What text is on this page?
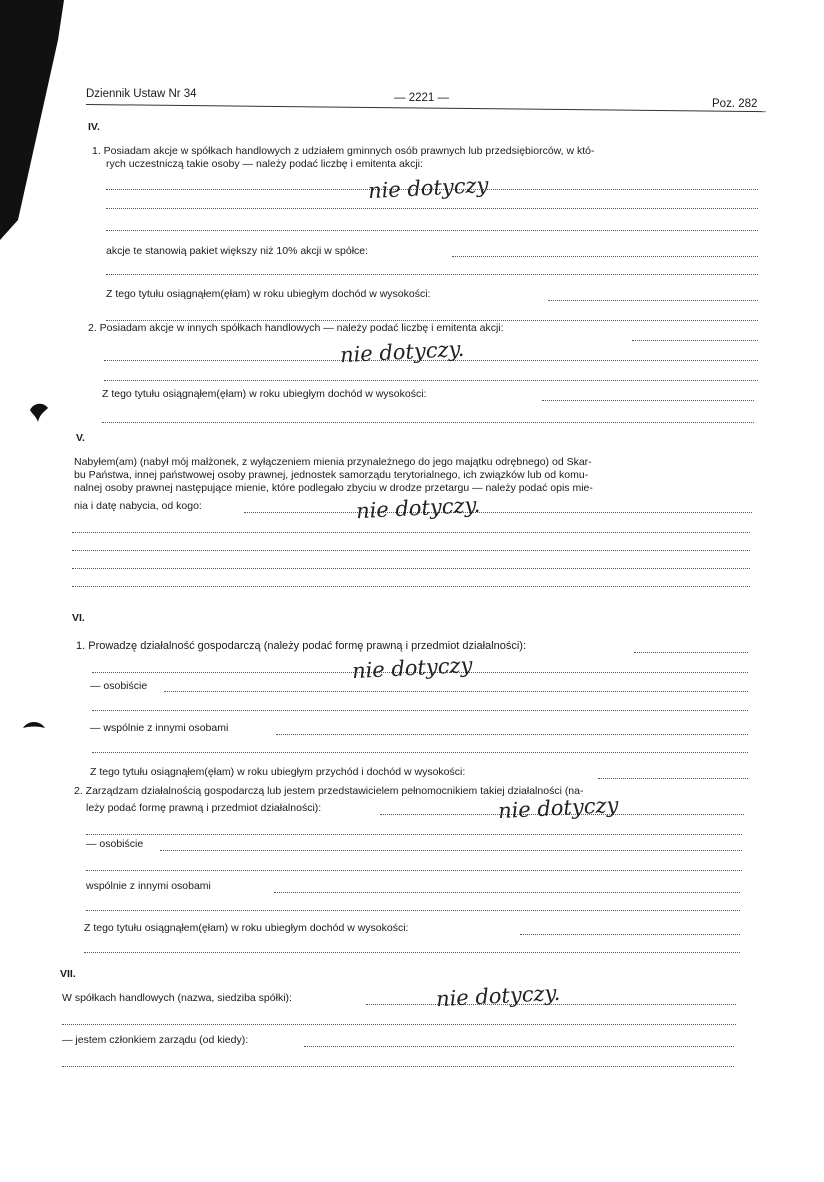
Dziennik Ustaw Nr 34	— 2221 —	Poz. 282
IV.
1. Posiadam akcje w spółkach handlowych z udziałem gminnych osób prawnych lub przedsiębiorców, w któ-
rych uczestniczą takie osoby — należy podać liczbę i emitenta akcji:
nie dotyczy
akcje te stanowią pakiet większy niż 10% akcji w spółce:
Z tego tytułu osiągnąłem(ęłam) w roku ubiegłym dochód w wysokości:
2. Posiadam akcje w innych spółkach handlowych — należy podać liczbę i emitenta akcji:
nie dotyczy.
Z tego tytułu osiągnąłem(ęłam) w roku ubiegłym dochód w wysokości:
V.
Nabyłem(am) (nabył mój małżonek, z wyłączeniem mienia przynależnego do jego majątku odrębnego) od Skar-
bu Państwa, innej państwowej osoby prawnej, jednostek samorządu terytorialnego, ich związków lub od komu-
nalnej osoby prawnej następujące mienie, które podlegało zbyciu w drodze przetargu — należy podać opis mie-
nia i datę nabycia, od kogo:	nie dotyczy.
VI.
1. Prowadzę działalność gospodarczą (należy podać formę prawną i przedmiot działalności):
nie dotyczy
— osobiście
— wspólnie z innymi osobami
Z tego tytułu osiągnąłem(ęłam) w roku ubiegłym przychód i dochód w wysokości:
2. Zarządzam działalnością gospodarczą lub jestem przedstawicielem pełnomocnikiem takiej działalności (na-
leży podać formę prawną i przedmiot działalności):	nie dotyczy
— osobiście
wspólnie z innymi osobami
Z tego tytułu osiągnąłem(ęłam) w roku ubiegłym dochód w wysokości:
VII.
W spółkach handlowych (nazwa, siedziba spółki):	nie dotyczy.
— jestem członkiem zarządu (od kiedy):
